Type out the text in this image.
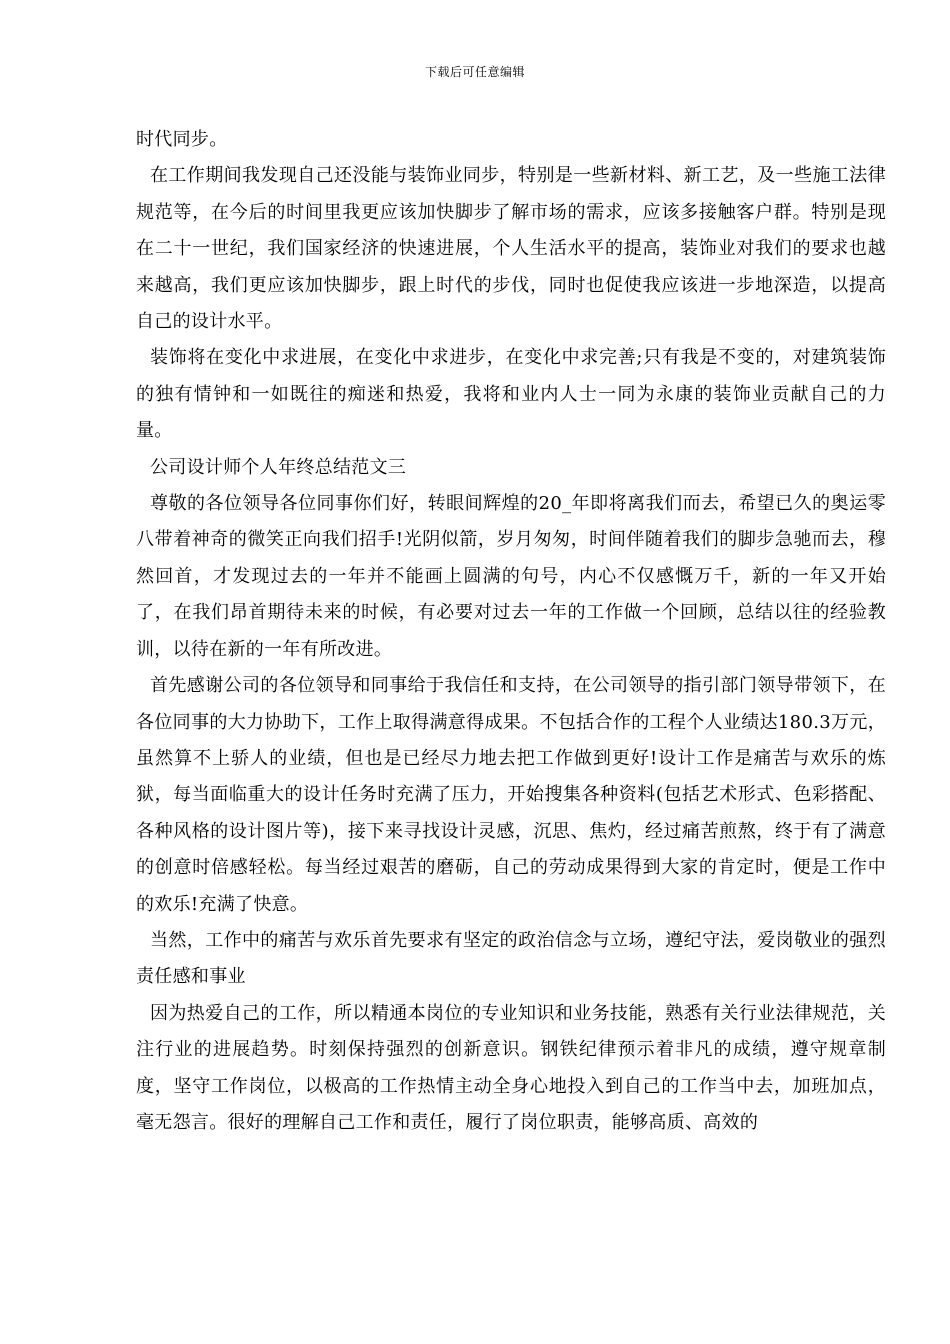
下载后可任意编辑

时代同步。

在工作期间我发现自己还没能与装饰业同步，特别是一些新材料、新工艺，及一些施工法律规范等，在今后的时间里我更应该加快脚步了解市场的需求，应该多接触客户群。特别是现在二十一世纪，我们国家经济的快速进展，个人生活水平的提高，装饰业对我们的要求也越来越高，我们更应该加快脚步，跟上时代的步伐，同时也促使我应该进一步地深造，以提高自己的设计水平。

装饰将在变化中求进展，在变化中求进步，在变化中求完善;只有我是不变的，对建筑装饰的独有情钟和一如既往的痴迷和热爱，我将和业内人士一同为永康的装饰业贡献自己的力量。

公司设计师个人年终总结范文三

尊敬的各位领导各位同事你们好，转眼间辉煌的20_年即将离我们而去，希望已久的奥运零八带着神奇的微笑正向我们招手!光阴似箭，岁月匆匆，时间伴随着我们的脚步急驰而去，穆然回首，才发现过去的一年并不能画上圆满的句号，内心不仅感慨万千，新的一年又开始了，在我们昂首期待未来的时候，有必要对过去一年的工作做一个回顾，总结以往的经验教训，以待在新的一年有所改进。

首先感谢公司的各位领导和同事给于我信任和支持，在公司领导的指引部门领导带领下，在各位同事的大力协助下，工作上取得满意得成果。不包括合作的工程个人业绩达180.3万元，虽然算不上骄人的业绩，但也是已经尽力地去把工作做到更好!设计工作是痛苦与欢乐的炼狱，每当面临重大的设计任务时充满了压力，开始搜集各种资料(包括艺术形式、色彩搭配、各种风格的设计图片等)，接下来寻找设计灵感，沉思、焦灼，经过痛苦煎熬，终于有了满意的创意时倍感轻松。每当经过艰苦的磨砺，自己的劳动成果得到大家的肯定时，便是工作中的欢乐!充满了快意。

当然，工作中的痛苦与欢乐首先要求有坚定的政治信念与立场，遵纪守法，爱岗敬业的强烈责任感和事业

因为热爱自己的工作，所以精通本岗位的专业知识和业务技能，熟悉有关行业法律规范，关注行业的进展趋势。时刻保持强烈的创新意识。钢铁纪律预示着非凡的成绩，遵守规章制度，坚守工作岗位，以极高的工作热情主动全身心地投入到自己的工作当中去，加班加点，毫无怨言。很好的理解自己工作和责任，履行了岗位职责，能够高质、高效的
